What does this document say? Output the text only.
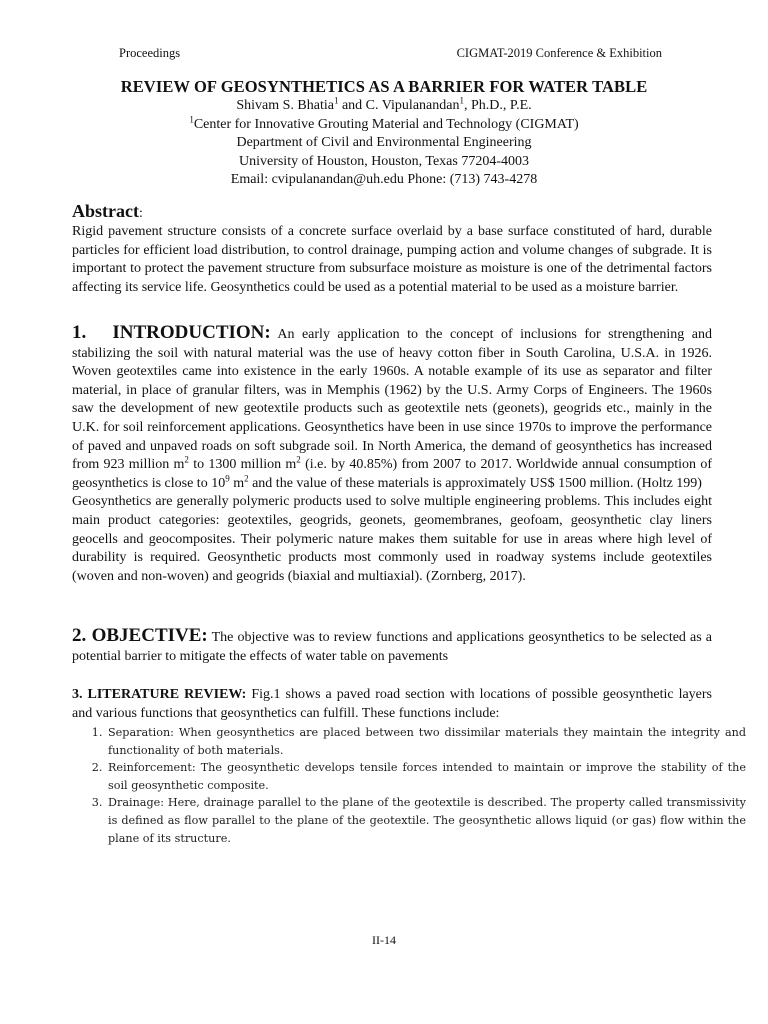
Proceedings	CIGMAT-2019 Conference & Exhibition
REVIEW OF GEOSYNTHETICS AS A BARRIER FOR WATER TABLE
Shivam S. Bhatia$^1$ and C. Vipulanandan$^1$, Ph.D., P.E.
$^1$Center for Innovative Grouting Material and Technology (CIGMAT)
Department of Civil and Environmental Engineering
University of Houston, Houston, Texas 77204-4003
Email: cvipulanandan@uh.edu Phone: (713) 743-4278
Abstract:

Rigid pavement structure consists of a concrete surface overlaid by a base surface constituted of hard, durable particles for efficient load distribution, to control drainage, pumping action and volume changes of subgrade. It is important to protect the pavement structure from subsurface moisture as moisture is one of the detrimental factors affecting its service life. Geosynthetics could be used as a potential material to be used as a moisture barrier.

1.   INTRODUCTION: An early application to the concept of inclusions for strengthening and stabilizing the soil with natural material was the use of heavy cotton fiber in South Carolina, U.S.A. in 1926. Woven geotextiles came into existence in the early 1960s. A notable example of its use as separator and filter material, in place of granular filters, was in Memphis (1962) by the U.S. Army Corps of Engineers. The 1960s saw the development of new geotextile products such as geotextile nets (geonets), geogrids etc., mainly in the U.K. for soil reinforcement applications. Geosynthetics have been in use since 1970s to improve the performance of paved and unpaved roads on soft subgrade soil. In North America, the demand of geosynthetics has increased from 923 million $m^2$ to 1300 million $m^2$ (i.e. by 40.85%) from 2007 to 2017. Worldwide annual consumption of geosynthetics is close to $10^9$ $m^2$ and the value of these materials is approximately US$ 1500 million. (Holtz 199)
Geosynthetics are generally polymeric products used to solve multiple engineering problems. This includes eight main product categories: geotextiles, geogrids, geonets, geomembranes, geofoam, geosynthetic clay liners geocells and geocomposites. Their polymeric nature makes them suitable for use in areas where high level of durability is required. Geosynthetic products most commonly used in roadway systems include geotextiles (woven and non-woven) and geogrids (biaxial and multiaxial). (Zornberg, 2017).
2. OBJECTIVE: The objective was to review functions and applications geosynthetics to be selected as a potential barrier to mitigate the effects of water table on pavements
3. LITERATURE REVIEW: Fig.1 shows a paved road section with locations of possible geosynthetic layers and various functions that geosynthetics can fulfill. These functions include:
1. Separation: When geosynthetics are placed between two dissimilar materials they maintain the integrity and functionality of both materials.
2. Reinforcement: The geosynthetic develops tensile forces intended to maintain or improve the stability of the soil geosynthetic composite.
3. Drainage: Here, drainage parallel to the plane of the geotextile is described. The property called transmissivity is defined as flow parallel to the plane of the geotextile. The geosynthetic allows liquid (or gas) flow within the plane of its structure.
II-14
